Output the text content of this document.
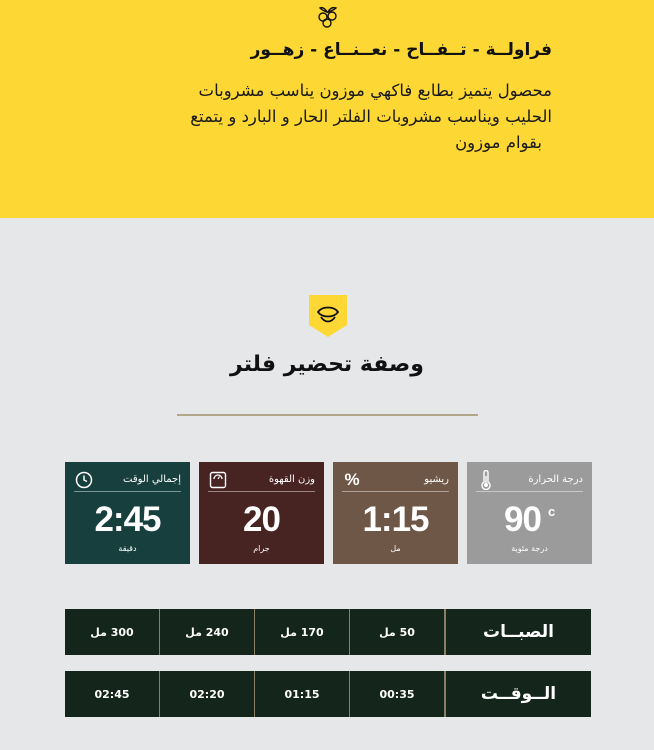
فراولــة - تــفــاح - نعــنــاع - زهــور
محصول يتميز بطابع فاكهي موزون يناسب مشروبات
الحليب ويناسب مشروبات الفلتر الحار و البارد و يتمتع
بقوام موزون
وصفة تحضير فلتر
إجمالي الوقت
2:45
دقيقة
وزن القهوة
20
جرام
%	ريشيو
1:15
مل
درجة الحرارة
90 c
درجة مئوية
300 مل	240 مل	170 مل	50 مل	الصبــات
02:45	02:20	01:15	00:35	الــوقــت
